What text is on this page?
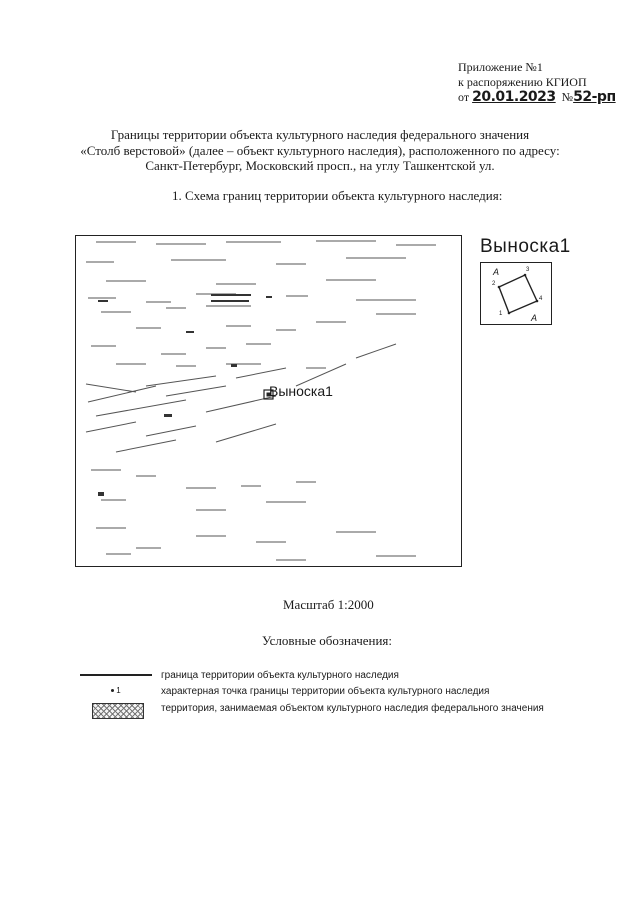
Приложение №1
к распоряжению КГИОП
от 20.01.2023 №52-рп
Границы территории объекта культурного наследия федерального значения
«Столб верстовой» (далее – объект культурного наследия), расположенного по адресу:
Санкт-Петербург, Московский просп., на углу Ташкентской ул.
1. Схема границ территории объекта культурного наследия:
Выноска1
Выноска1
А
А
1
2
3
4
Масштаб 1:2000
Условные обозначения:
граница территории объекта культурного наследия
1	характерная точка границы территории объекта культурного наследия
территория, занимаемая объектом культурного наследия федерального значения
